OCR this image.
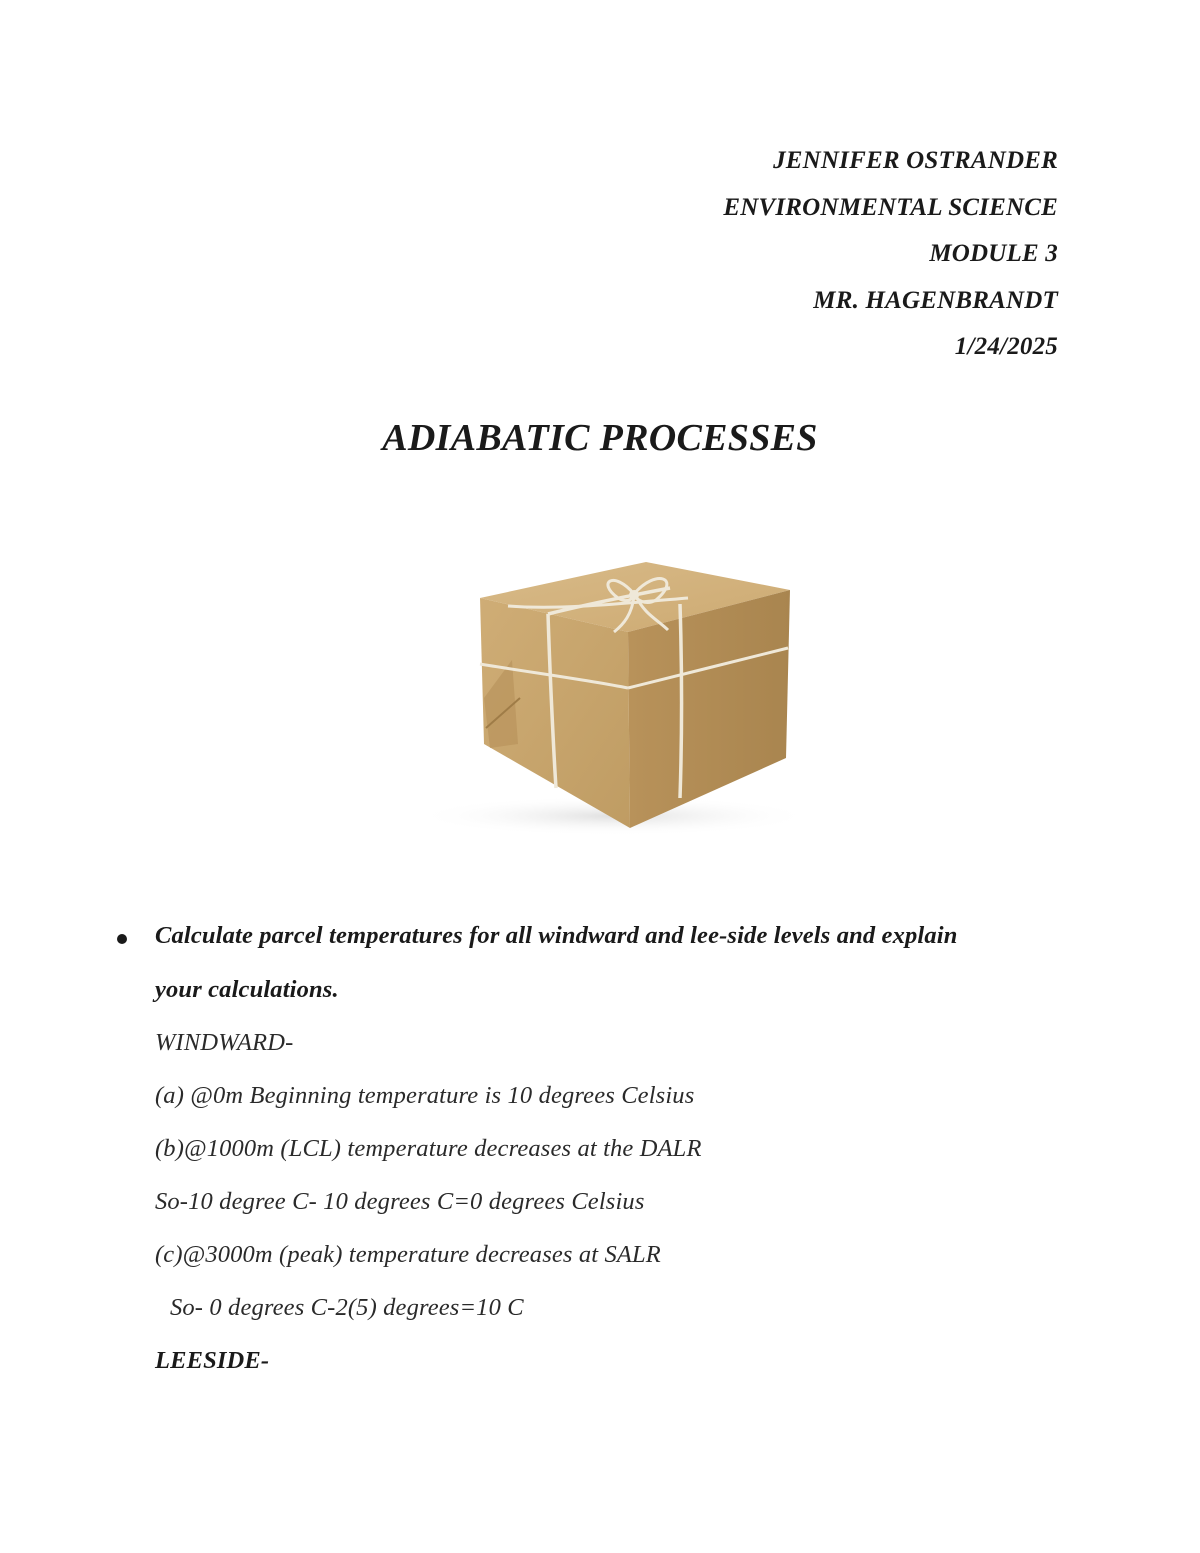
JENNIFER OSTRANDER
ENVIRONMENTAL SCIENCE
MODULE 3
MR. HAGENBRANDT
1/24/2025
ADIABATIC PROCESSES
Calculate parcel temperatures for all windward and lee-side levels and explain
your calculations.
WINDWARD-
(a) @0m Beginning temperature is 10 degrees Celsius
(b)@1000m (LCL) temperature decreases at the DALR
So-10 degree C- 10 degrees C=0 degrees Celsius
(c)@3000m (peak) temperature decreases at SALR
So- 0 degrees C-2(5) degrees=10 C
LEESIDE-
